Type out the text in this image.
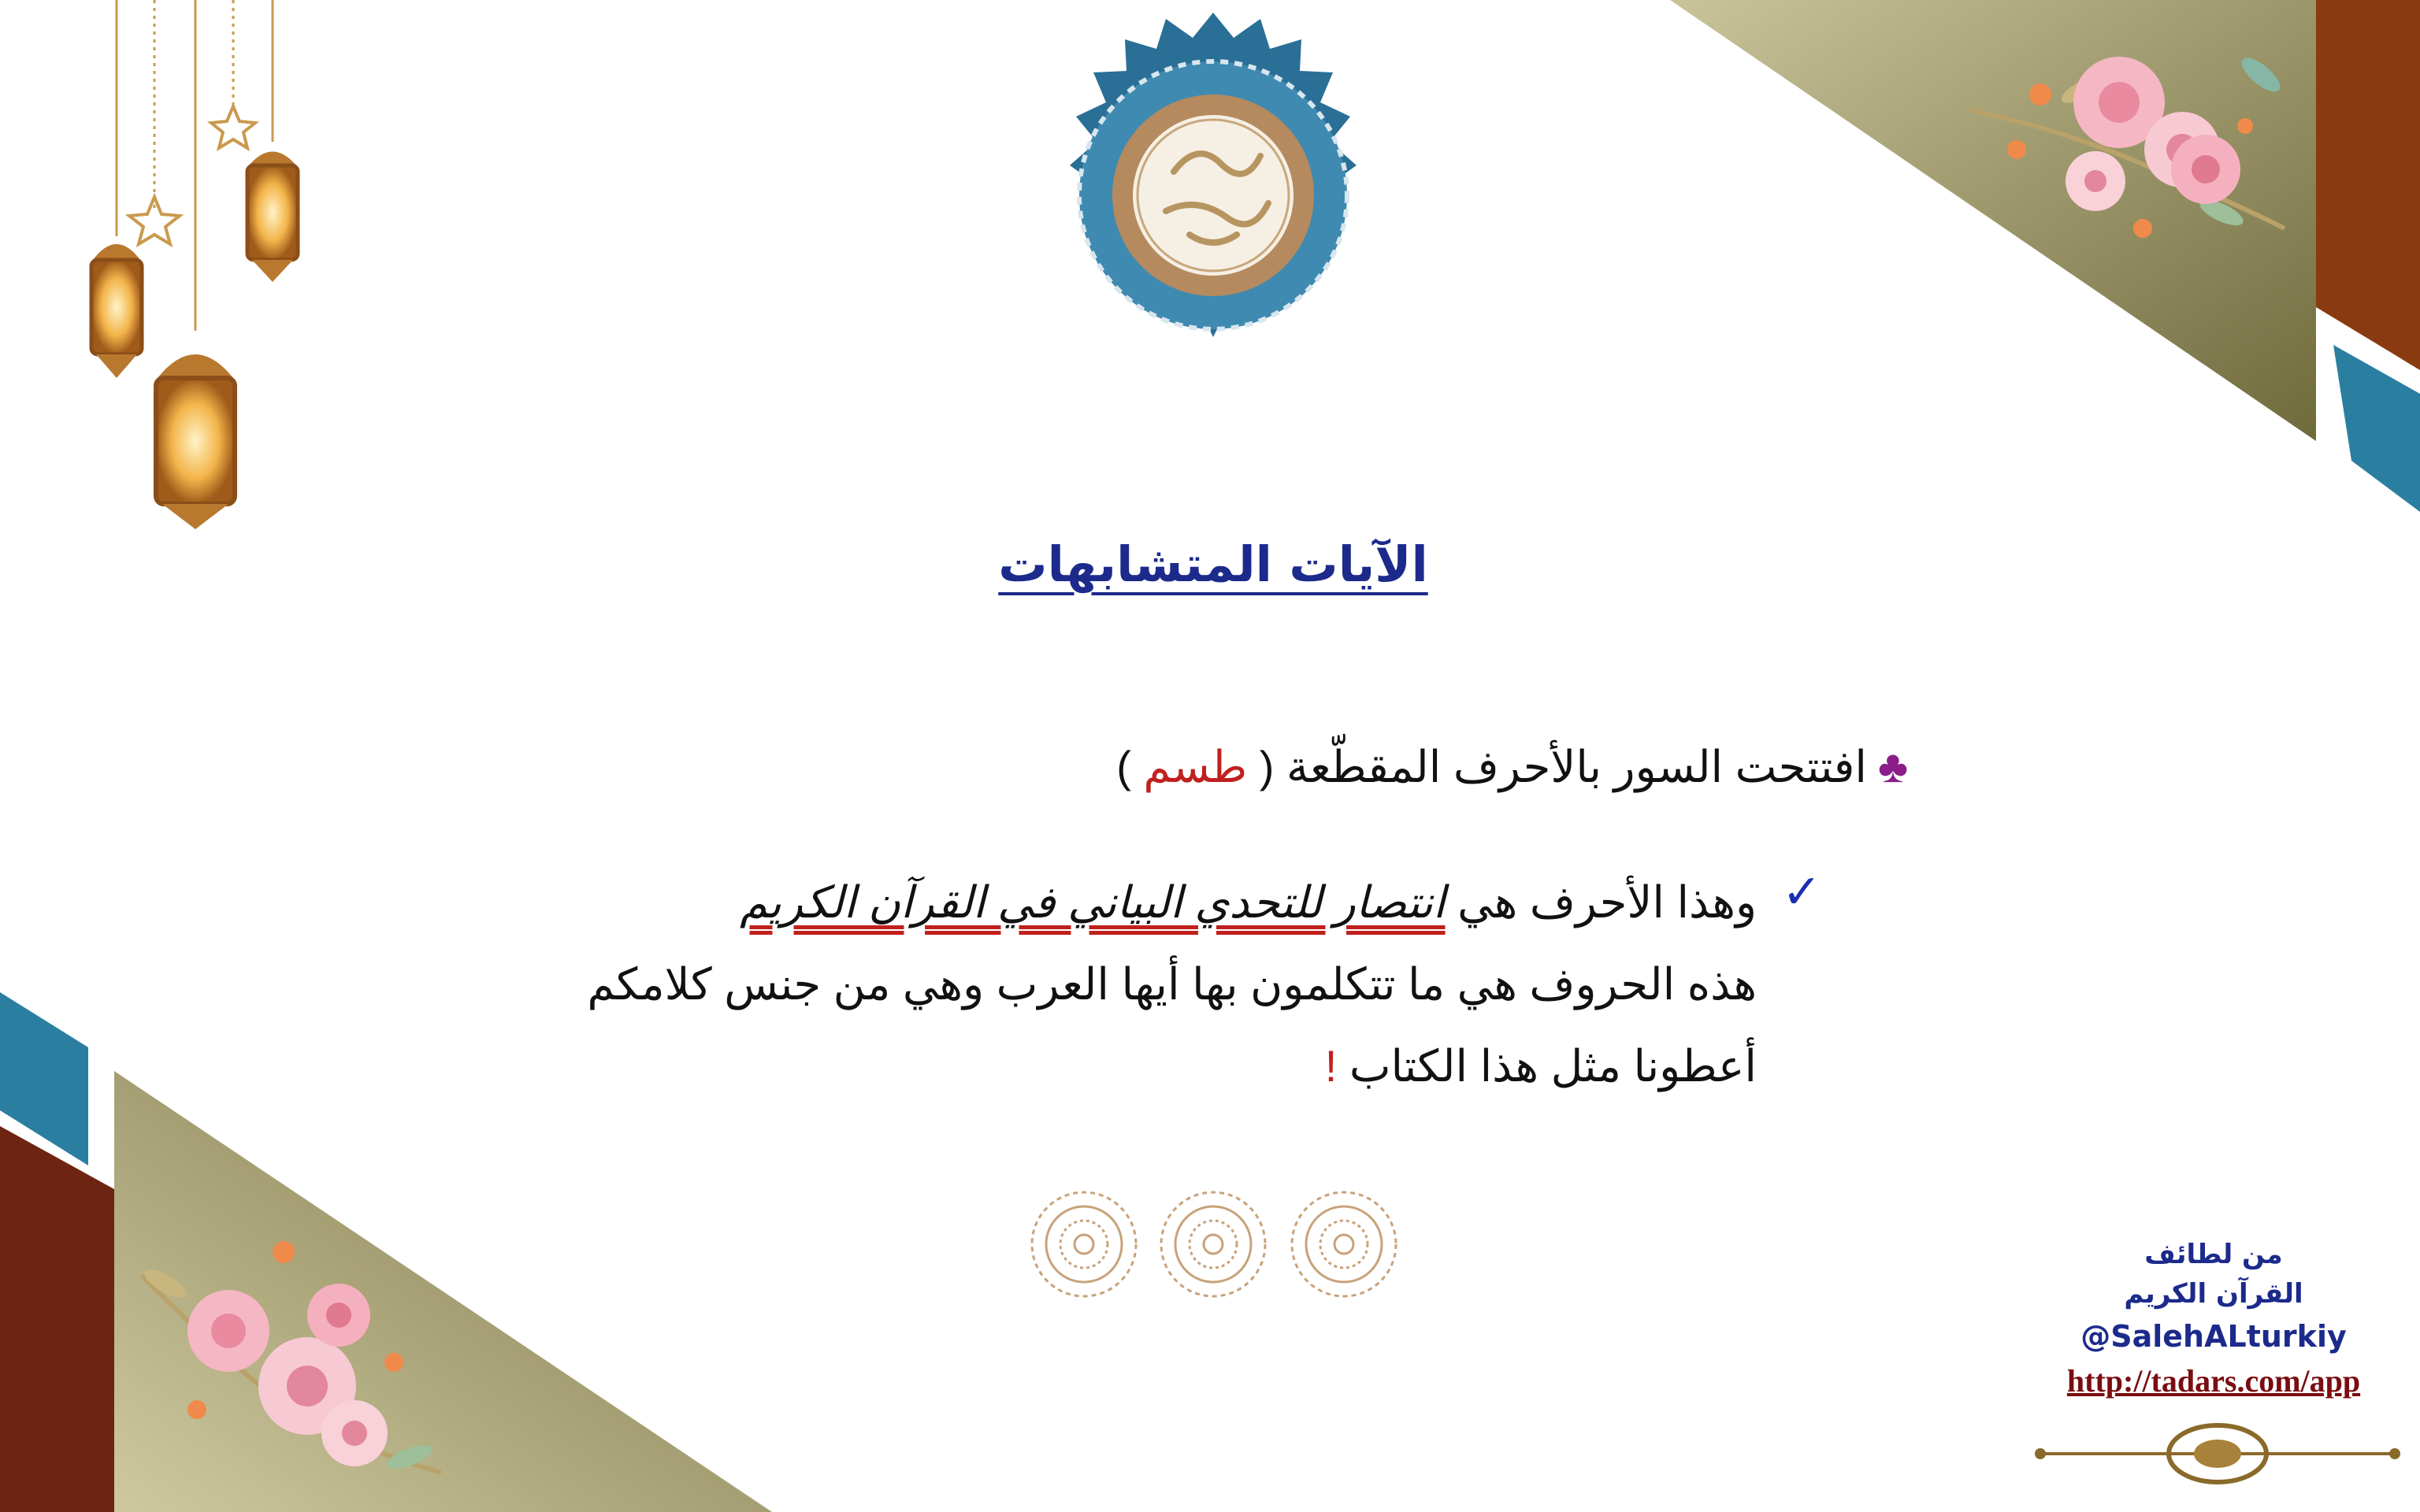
الآيات المتشابهات
♣افتتحت السور بالأحرف المقطّعة ( طسم )
✓
وهذا الأحرف هي انتصار للتحدي البياني في القرآن الكريم
هذه الحروف هي ما تتكلمون بها أيها العرب وهي من جنس كلامكم
أعطونا مثل هذا الكتاب !
من لطائف
القرآن الكريم
@SalehALturkiy
http://tadars.com/app
